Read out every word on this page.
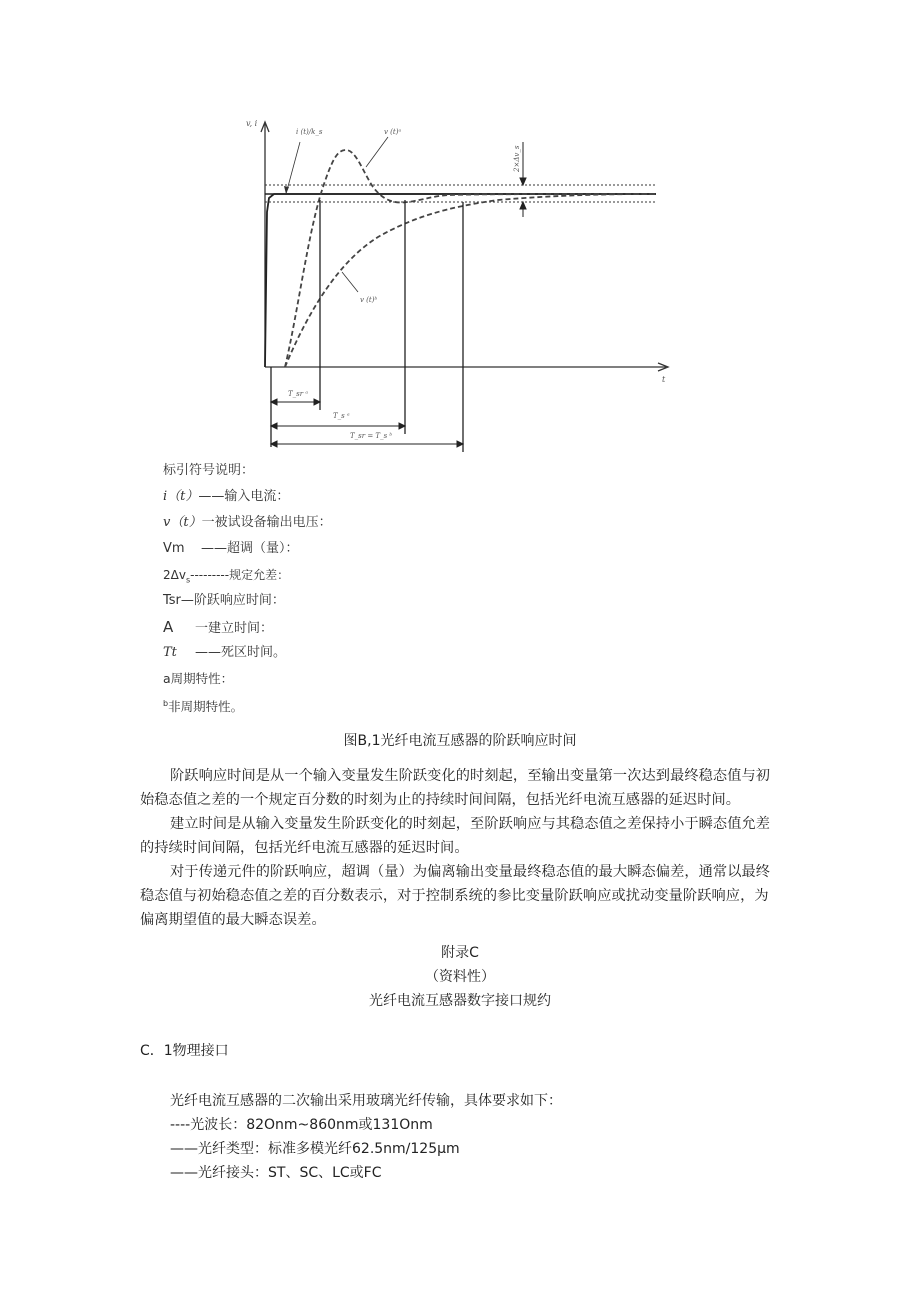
v, i
t
T_sr ᵃ
T_s ᵃ
T_sr = T_s ᵇ
2×Δv_s
i (t)/k_s	v (t)ᵃ
v (t)ᵇ
标引符号说明：
i（t）——输入电流：
v（t）一被试设备输出电压：
Vm ——超调（量）：
$2\Delta v_s---------$规定允差：
Tsr—阶跃响应时间：
A 一建立时间：
Tt ——死区时间。
a周期特性：
$^b$非周期特性。
图B,1光纤电流互感器的阶跃响应时间

阶跃响应时间是从一个输入变量发生阶跃变化的时刻起，至输出变量第一次达到最终稳态值与初始稳态值之差的一个规定百分数的时刻为止的持续时间间隔，包括光纤电流互感器的延迟时间。

建立时间是从输入变量发生阶跃变化的时刻起，至阶跃响应与其稳态值之差保持小于瞬态值允差的持续时间间隔，包括光纤电流互感器的延迟时间。

对于传递元件的阶跃响应，超调（量）为偏离输出变量最终稳态值的最大瞬态偏差，通常以最终稳态值与初始稳态值之差的百分数表示，对于控制系统的参比变量阶跃响应或扰动变量阶跃响应，为偏离期望值的最大瞬态误差。

附录C
（资料性）
光纤电流互感器数字接口规约
C．1物理接口
光纤电流互感器的二次输出采用玻璃光纤传输，具体要求如下：
----光波长：82Onm~860nm或131Onm
——光纤类型：标准多模光纤62.5nm∕125μm
——光纤接头：ST、SC、LC或FC
